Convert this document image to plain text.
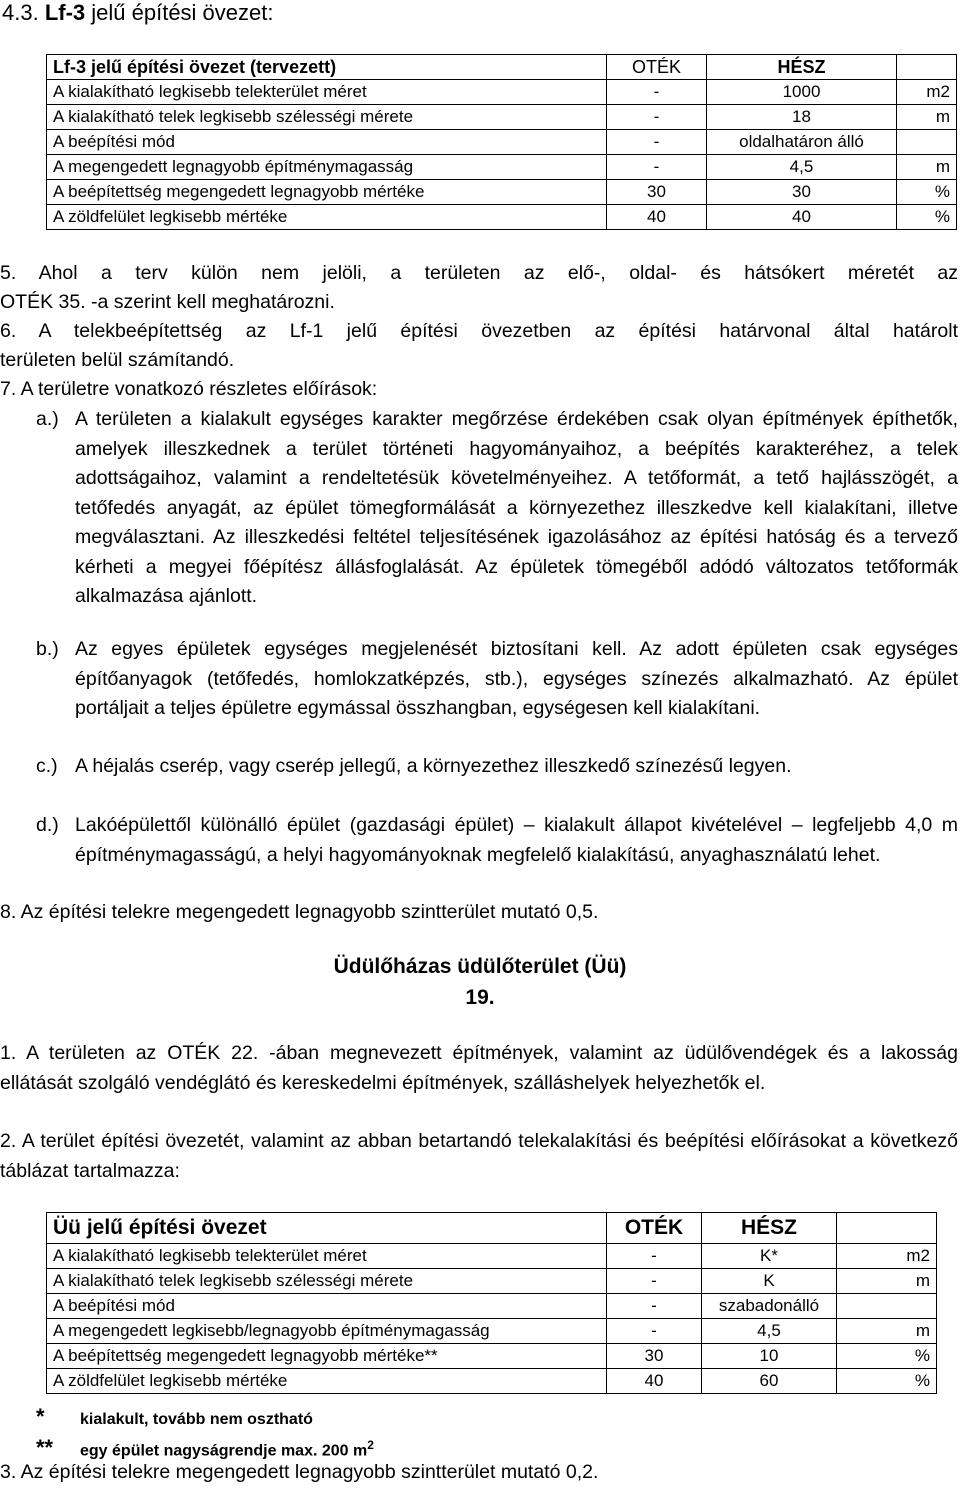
4.3. Lf-3 jelű építési övezet:
Lf-3 jelű építési övezet (tervezett)	OTÉK	HÉSZ	
A kialakítható legkisebb telekterület méret	-	1000	m2
A kialakítható telek legkisebb szélességi mérete	-	18	m
A beépítési mód	-	oldalhatáron álló	
A megengedett legnagyobb építménymagasság	-	4,5	m
A beépítettség megengedett legnagyobb mértéke	30	30	%
A zöldfelület legkisebb mértéke	40	40	%
5. Ahol a terv külön nem jelöli, a területen az elő-, oldal- és hátsókert méretét az
OTÉK 35. -a szerint kell meghatározni.
6. A telekbeépítettség az Lf-1 jelű építési övezetben az építési határvonal által határolt
területen belül számítandó.
7. A területre vonatkozó részletes előírások:
a.) A területen a kialakult egységes karakter megőrzése érdekében csak olyan építmények építhetők, amelyek illeszkednek a terület történeti hagyományaihoz, a beépítés karakteréhez, a telek adottságaihoz, valamint a rendeltetésük követelményeihez. A tetőformát, a tető hajlásszögét, a tetőfedés anyagát, az épület tömegformálását a környezethez illeszkedve kell kialakítani, illetve megválasztani. Az illeszkedési feltétel teljesítésének igazolásához az építési hatóság és a tervező kérheti a megyei főépítész állásfoglalását. Az épületek tömegéből adódó változatos tetőformák alkalmazása ajánlott.
b.) Az egyes épületek egységes megjelenését biztosítani kell. Az adott épületen csak egységes építőanyagok (tetőfedés, homlokzatképzés, stb.), egységes színezés alkalmazható. Az épület portáljait a teljes épületre egymással összhangban, egységesen kell kialakítani.
c.) A héjalás cserép, vagy cserép jellegű, a környezethez illeszkedő színezésű legyen.
d.) Lakóépülettől különálló épület (gazdasági épület) – kialakult állapot kivételével – legfeljebb 4,0 m építménymagasságú, a helyi hagyományoknak megfelelő kialakítású, anyaghasználatú lehet.
8. Az építési telekre megengedett legnagyobb szintterület mutató 0,5.
Üdülőházas üdülőterület (Üü)
19.
1. A területen az OTÉK 22. -ában megnevezett építmények, valamint az üdülővendégek és a lakosság ellátását szolgáló vendéglátó és kereskedelmi építmények, szálláshelyek helyezhetők el.
2. A terület építési övezetét, valamint az abban betartandó telekalakítási és beépítési előírásokat a következő táblázat tartalmazza:
Üü jelű építési övezet	OTÉK	HÉSZ	
A kialakítható legkisebb telekterület méret	-	K*	m2
A kialakítható telek legkisebb szélességi mérete	-	K	m
A beépítési mód	-	szabadonálló	
A megengedett legkisebb/legnagyobb építménymagasság	-	4,5	m
A beépítettség megengedett legnagyobb mértéke**	30	10	%
A zöldfelület legkisebb mértéke	40	60	%
* kialakult, tovább nem osztható
** egy épület nagyságrendje max. 200 $m^2$
3. Az építési telekre megengedett legnagyobb szintterület mutató 0,2.
